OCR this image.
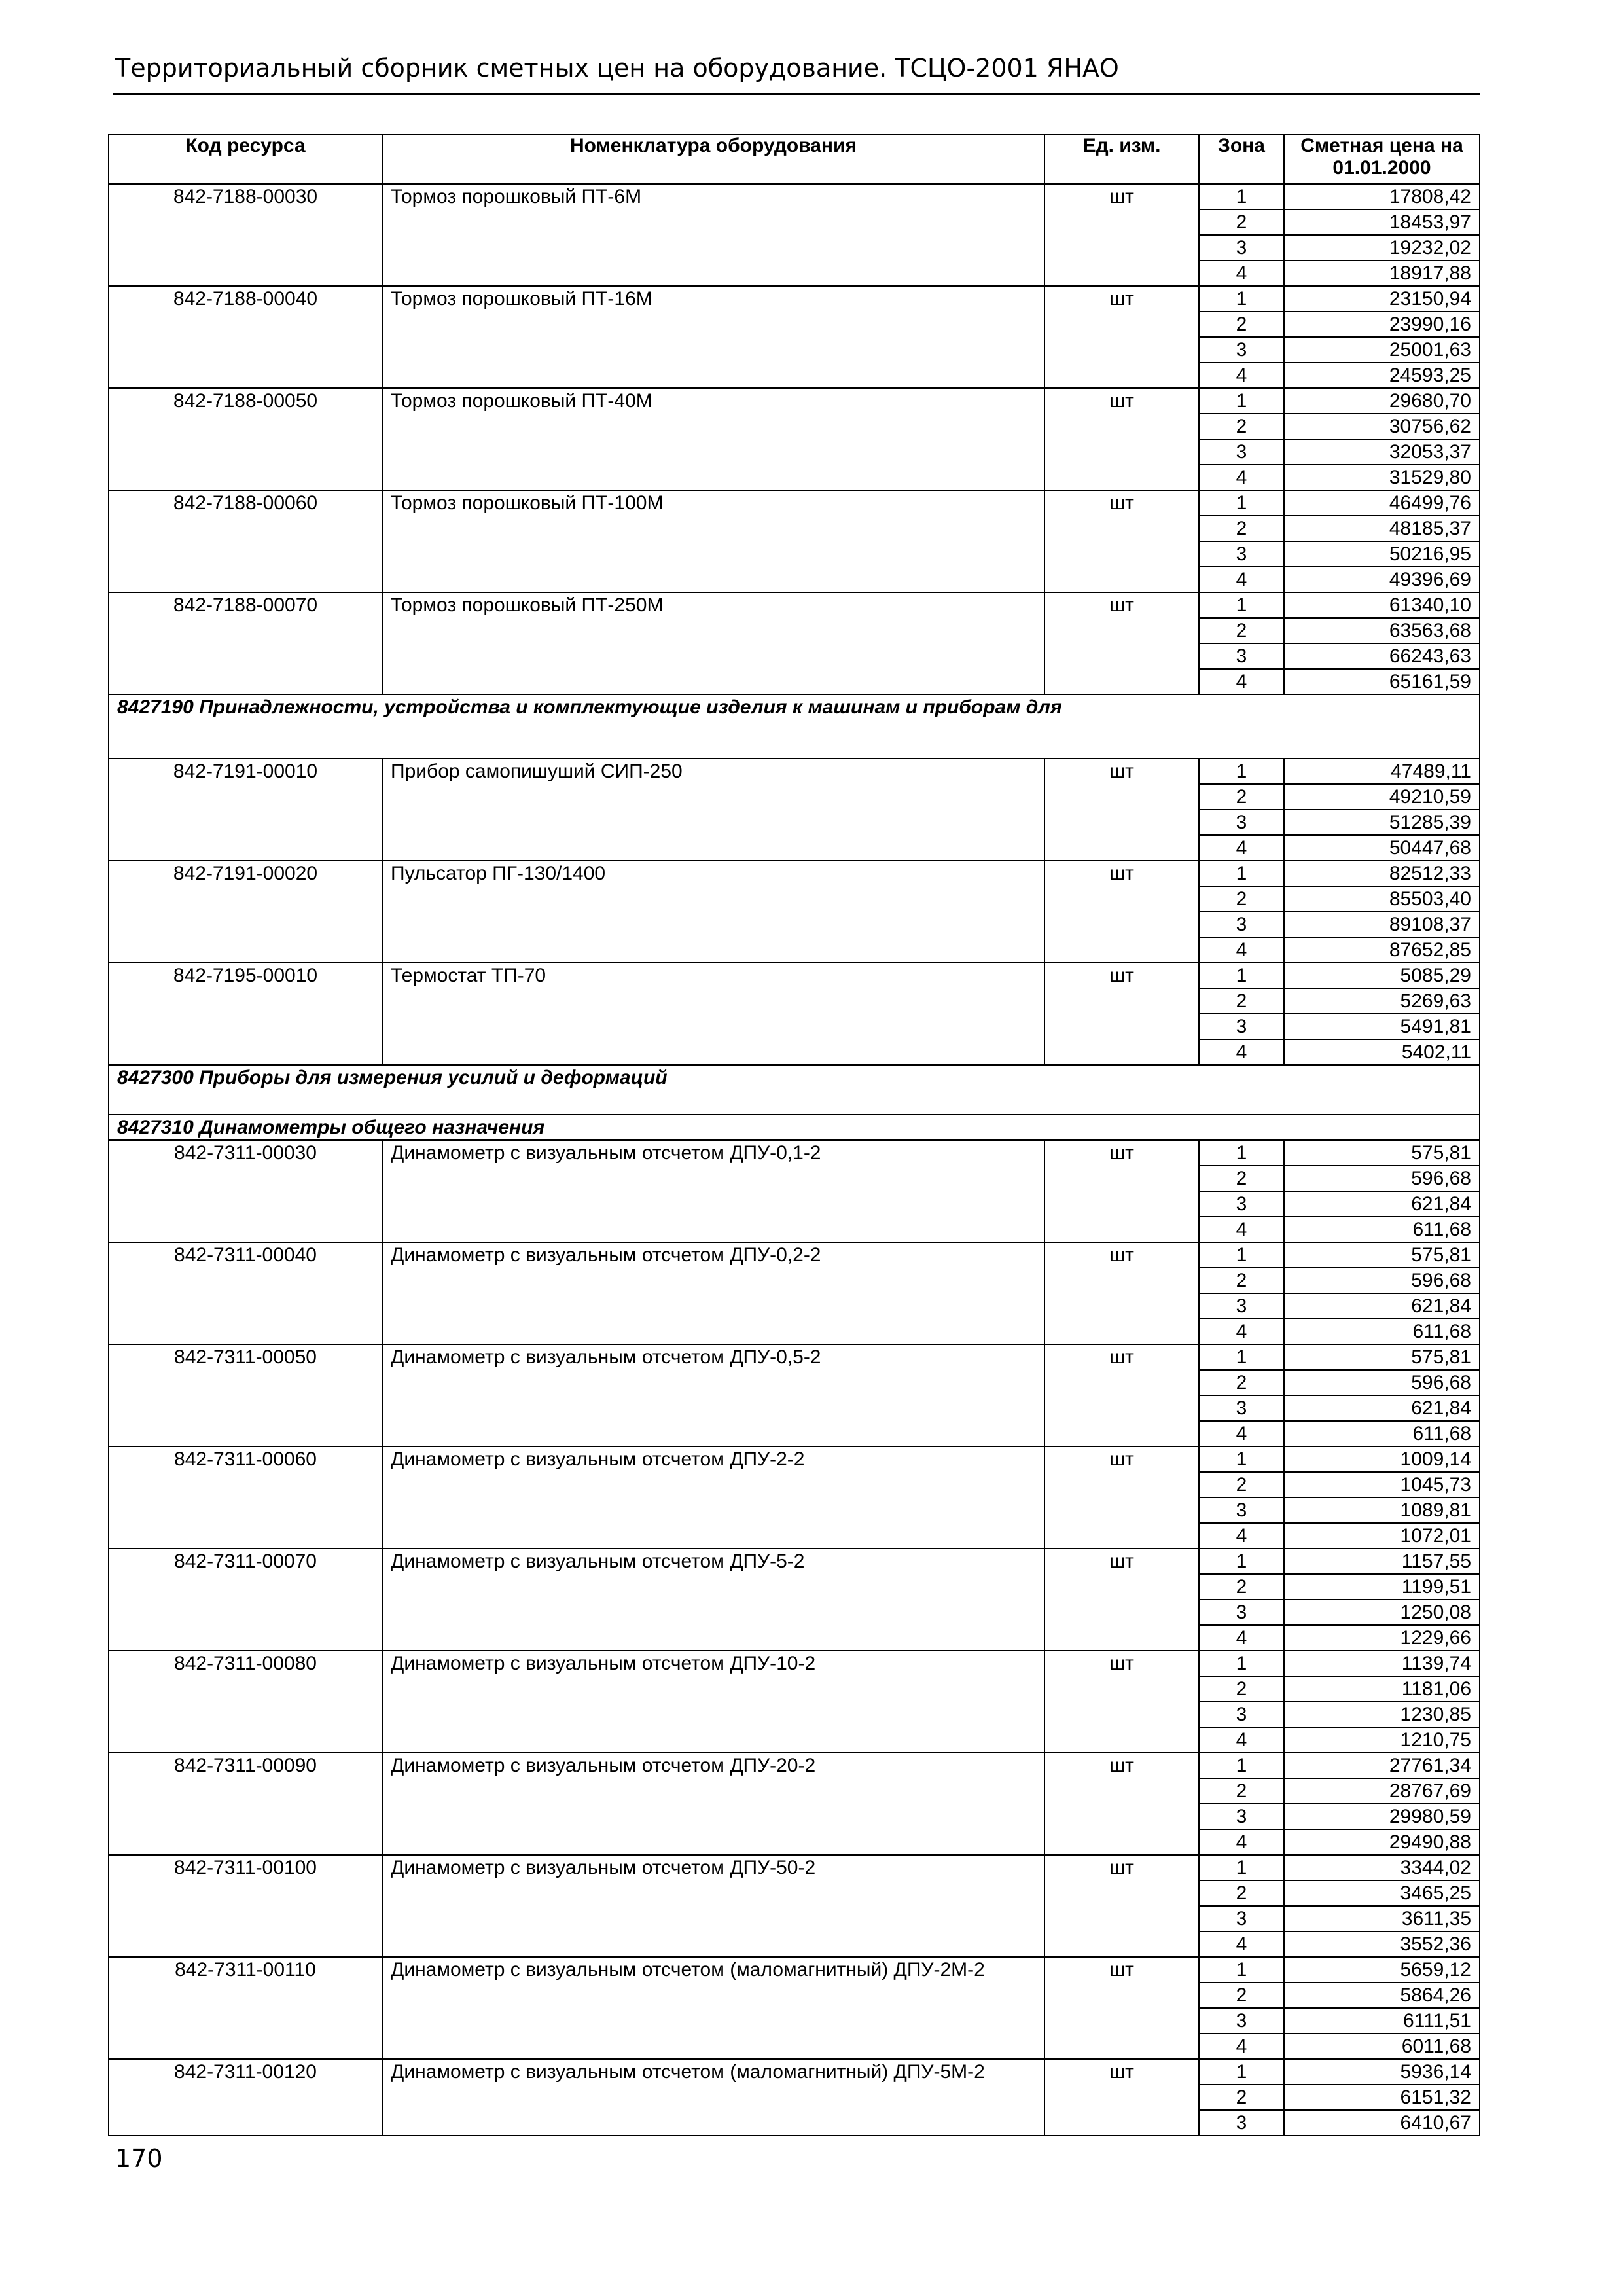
Территориальный сборник сметных цен на оборудование. ТСЦО-2001 ЯНАО
Код ресурса	Номенклатура оборудования	Ед. изм.	Зона	Сметная цена на 01.01.2000
842-7188-00030	Тормоз порошковый ПТ-6М	шт	1	17808,42
			2	18453,97
			3	19232,02
			4	18917,88
842-7188-00040	Тормоз порошковый ПТ-16М	шт	1	23150,94
			2	23990,16
			3	25001,63
			4	24593,25
842-7188-00050	Тормоз порошковый ПТ-40М	шт	1	29680,70
			2	30756,62
			3	32053,37
			4	31529,80
842-7188-00060	Тормоз порошковый ПТ-100М	шт	1	46499,76
			2	48185,37
			3	50216,95
			4	49396,69
842-7188-00070	Тормоз порошковый ПТ-250М	шт	1	61340,10
			2	63563,68
			3	66243,63
			4	65161,59
8427190 Принадлежности, устройства и комплектующие изделия к машинам и приборам для				
842-7191-00010	Прибор самопишуший СИП-250	шт	1	47489,11
			2	49210,59
			3	51285,39
			4	50447,68
842-7191-00020	Пульсатор ПГ-130/1400	шт	1	82512,33
			2	85503,40
			3	89108,37
			4	87652,85
842-7195-00010	Термостат ТП-70	шт	1	5085,29
			2	5269,63
			3	5491,81
			4	5402,11
8427300 Приборы для измерения усилий и деформаций				
8427310 Динамометры общего назначения				
842-7311-00030	Динамометр с визуальным отсчетом ДПУ-0,1-2	шт	1	575,81
			2	596,68
			3	621,84
			4	611,68
842-7311-00040	Динамометр с визуальным отсчетом ДПУ-0,2-2	шт	1	575,81
			2	596,68
			3	621,84
			4	611,68
842-7311-00050	Динамометр с визуальным отсчетом ДПУ-0,5-2	шт	1	575,81
			2	596,68
			3	621,84
			4	611,68
842-7311-00060	Динамометр с визуальным отсчетом ДПУ-2-2	шт	1	1009,14
			2	1045,73
			3	1089,81
			4	1072,01
842-7311-00070	Динамометр с визуальным отсчетом ДПУ-5-2	шт	1	1157,55
			2	1199,51
			3	1250,08
			4	1229,66
842-7311-00080	Динамометр с визуальным отсчетом ДПУ-10-2	шт	1	1139,74
			2	1181,06
			3	1230,85
			4	1210,75
842-7311-00090	Динамометр с визуальным отсчетом ДПУ-20-2	шт	1	27761,34
			2	28767,69
			3	29980,59
			4	29490,88
842-7311-00100	Динамометр с визуальным отсчетом ДПУ-50-2	шт	1	3344,02
			2	3465,25
			3	3611,35
			4	3552,36
842-7311-00110	Динамометр с визуальным отсчетом (маломагнитный) ДПУ-2М-2	шт	1	5659,12
			2	5864,26
			3	6111,51
			4	6011,68
842-7311-00120	Динамометр с визуальным отсчетом (маломагнитный) ДПУ-5М-2	шт	1	5936,14
			2	6151,32
			3	6410,67
170
